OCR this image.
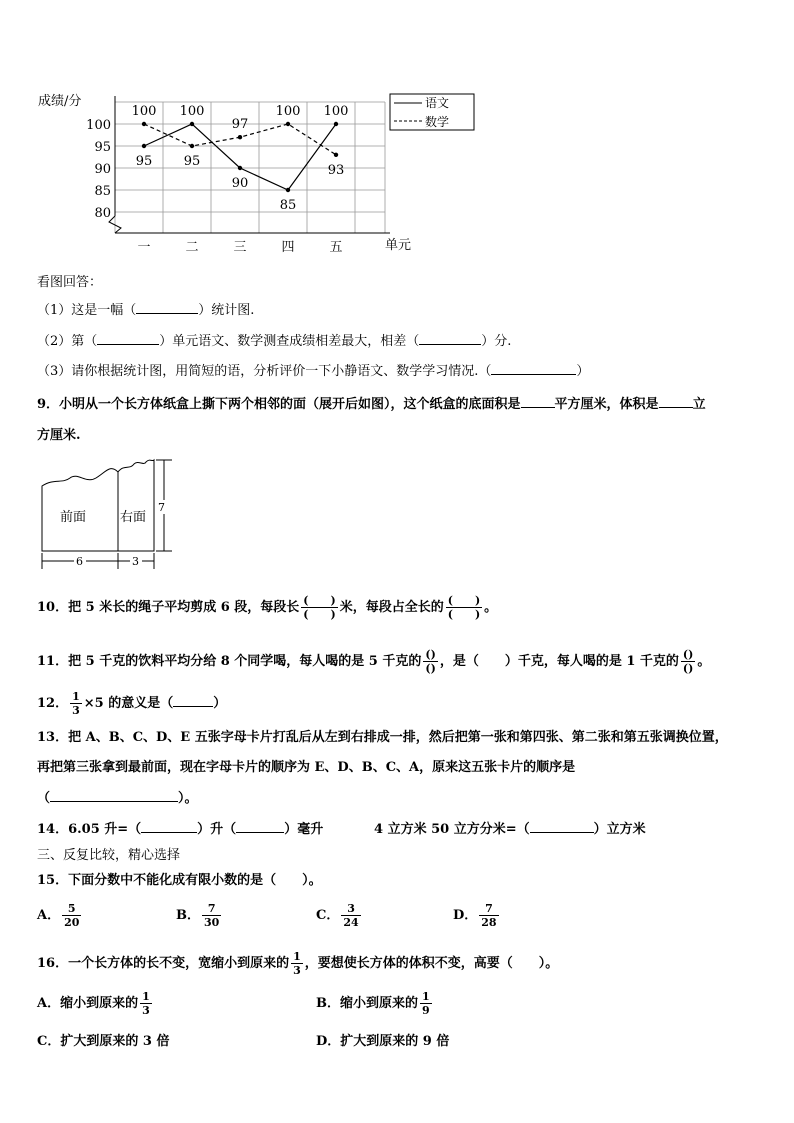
100
95
90
85
80
一	二	三	四	五
95
100
90
85
100
100
95
97
100
93
成绩/分
单元
语文
数学
看图回答：
（1）这是一幅（	）统计图.
（2）第（	）单元语文、数学测查成绩相差最大，相差（	）分.
（3）请你根据统计图，用简短的语，分析评价一下小静语文、数学学习情况.（	）
9．小明从一个长方体纸盒上撕下两个相邻的面（展开后如图），这个纸盒的底面积是	平方厘米，体积是	立
方厘米.
前面	右面
6	3
7
10．把 5 米长的绳子平均剪成 6 段，每段长 $\frac{( )}{( )}$ 米，每段占全长的 $\frac{( )}{( )}$ 。
11．把 5 千克的饮料平均分给 8 个同学喝，每人喝的是 5 千克的 $\frac{()}{()}$ ，是（　　）千克，每人喝的是 1 千克的 $\frac{()}{()}$ 。
12． $\frac{1}{3} \times 5$ 的意义是（	）
13．把 A、B、C、D、E 五张字母卡片打乱后从左到右排成一排，然后把第一张和第四张、第二张和第五张调换位置，
再把第三张拿到最前面，现在字母卡片的顺序为 E、D、B、C、A，原来这五张卡片的顺序是
（	）。
14．6.05 升=（	）升（	）毫升	4 立方米 50 立方分米=（	）立方米
三、反复比较，精心选择
15．下面分数中不能化成有限小数的是（　　）。
A． $\frac{5}{20}$	B． $\frac{7}{30}$	C． $\frac{3}{24}$	D． $\frac{7}{28}$
16．一个长方体的长不变，宽缩小到原来的 $\frac{1}{3}$ ，要想使长方体的体积不变，高要（　　）。
A．缩小到原来的 $\frac{1}{3}$	B．缩小到原来的 $\frac{1}{9}$
C．扩大到原来的 3 倍	D．扩大到原来的 9 倍
